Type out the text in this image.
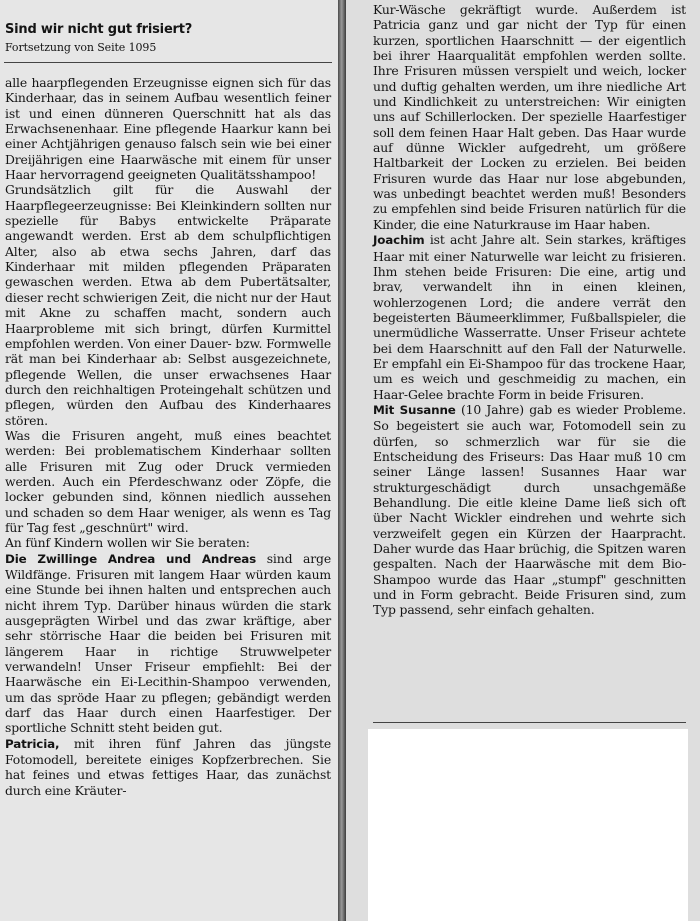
Sind wir nicht gut frisiert?
Fortsetzung von Seite 1095

alle haarpflegenden Erzeugnisse eignen sich für das Kinderhaar, das in seinem Aufbau wesentlich feiner ist und einen dünneren Querschnitt hat als das Erwachsenenhaar. Eine pflegende Haarkur kann bei einer Achtjährigen genauso falsch sein wie bei einer Dreijährigen eine Haarwäsche mit einem für unser Haar hervorragend geeigneten Qualitätsshampoo!

Grundsätzlich gilt für die Auswahl der Haarpflegeerzeugnisse: Bei Kleinkindern sollten nur spezielle für Babys entwickelte Präparate angewandt werden. Erst ab dem schulpflichtigen Alter, also ab etwa sechs Jahren, darf das Kinderhaar mit milden pflegenden Präparaten gewaschen werden. Etwa ab dem Pubertätsalter, dieser recht schwierigen Zeit, die nicht nur der Haut mit Akne zu schaffen macht, sondern auch Haarprobleme mit sich bringt, dürfen Kurmittel empfohlen werden. Von einer Dauer- bzw. Formwelle rät man bei Kinderhaar ab: Selbst ausgezeichnete, pflegende Wellen, die unser erwachsenes Haar durch den reichhaltigen Proteingehalt schützen und pflegen, würden den Aufbau des Kinderhaares stören.

Was die Frisuren angeht, muß eines beachtet werden: Bei problematischem Kinderhaar sollten alle Frisuren mit Zug oder Druck vermieden werden. Auch ein Pferdeschwanz oder Zöpfe, die locker gebunden sind, können niedlich aussehen und schaden so dem Haar weniger, als wenn es Tag für Tag fest „geschnürt" wird.

An fünf Kindern wollen wir Sie beraten:

Die Zwillinge Andrea und Andreas sind arge Wildfänge. Frisuren mit langem Haar würden kaum eine Stunde bei ihnen halten und entsprechen auch nicht ihrem Typ. Darüber hinaus würden die stark ausgeprägten Wirbel und das zwar kräftige, aber sehr störrische Haar die beiden bei Frisuren mit längerem Haar in richtige Struwwelpeter verwandeln! Unser Friseur empfiehlt: Bei der Haarwäsche ein Ei-Lecithin-Shampoo verwenden, um das spröde Haar zu pflegen; gebändigt werden darf das Haar durch einen Haarfestiger. Der sportliche Schnitt steht beiden gut.

Patricia, mit ihren fünf Jahren das jüngste Fotomodell, bereitete einiges Kopfzerbrechen. Sie hat feines und etwas fettiges Haar, das zunächst durch eine Kräuter-

Kur-Wäsche gekräftigt wurde. Außerdem ist Patricia ganz und gar nicht der Typ für einen kurzen, sportlichen Haarschnitt — der eigentlich bei ihrer Haarqualität empfohlen werden sollte. Ihre Frisuren müssen verspielt und weich, locker und duftig gehalten werden, um ihre niedliche Art und Kindlichkeit zu unterstreichen: Wir einigten uns auf Schillerlocken. Der spezielle Haarfestiger soll dem feinen Haar Halt geben. Das Haar wurde auf dünne Wickler aufgedreht, um größere Haltbarkeit der Locken zu erzielen. Bei beiden Frisuren wurde das Haar nur lose abgebunden, was unbedingt beachtet werden muß! Besonders zu empfehlen sind beide Frisuren natürlich für die Kinder, die eine Naturkrause im Haar haben.

Joachim ist acht Jahre alt. Sein starkes, kräftiges Haar mit einer Naturwelle war leicht zu frisieren. Ihm stehen beide Frisuren: Die eine, artig und brav, verwandelt ihn in einen kleinen, wohlerzogenen Lord; die andere verrät den begeisterten Bäumeerklimmer, Fußballspieler, die unermüdliche Wasserratte. Unser Friseur achtete bei dem Haarschnitt auf den Fall der Naturwelle. Er empfahl ein Ei-Shampoo für das trockene Haar, um es weich und geschmeidig zu machen, ein Haar-Gelee brachte Form in beide Frisuren.

Mit Susanne (10 Jahre) gab es wieder Probleme. So begeistert sie auch war, Fotomodell sein zu dürfen, so schmerzlich war für sie die Entscheidung des Friseurs: Das Haar muß 10 cm seiner Länge lassen! Susannes Haar war strukturgeschädigt durch unsachgemäße Behandlung. Die eitle kleine Dame ließ sich oft über Nacht Wickler eindrehen und wehrte sich verzweifelt gegen ein Kürzen der Haarpracht. Daher wurde das Haar brüchig, die Spitzen waren gespalten. Nach der Haarwäsche mit dem Bio-Shampoo wurde das Haar „stumpf" geschnitten und in Form gebracht. Beide Frisuren sind, zum Typ passend, sehr einfach gehalten.
